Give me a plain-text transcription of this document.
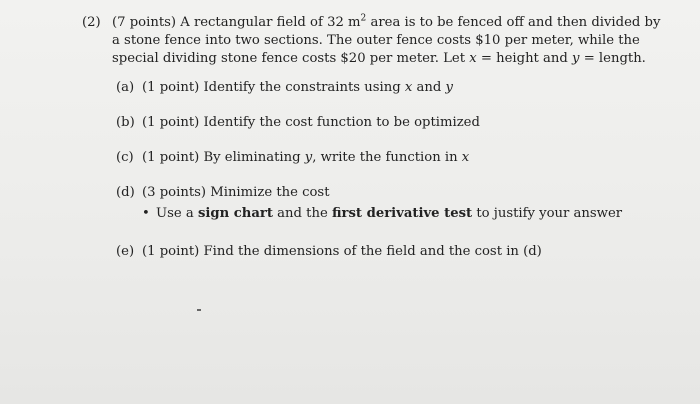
(2) (7 points) A rectangular field of 32 $m^2$ area is to be fenced off and then divided by a stone fence into two sections. The outer fence costs $10 per meter, while the special dividing stone fence costs $20 per meter. Let x = height and y = length.
(a) (1 point) Identify the constraints using x and y
(b) (1 point) Identify the cost function to be optimized
(c) (1 point) By eliminating y, write the function in x
(d) (3 points) Minimize the cost
• Use a sign chart and the first derivative test to justify your answer
(e) (1 point) Find the dimensions of the field and the cost in (d)
